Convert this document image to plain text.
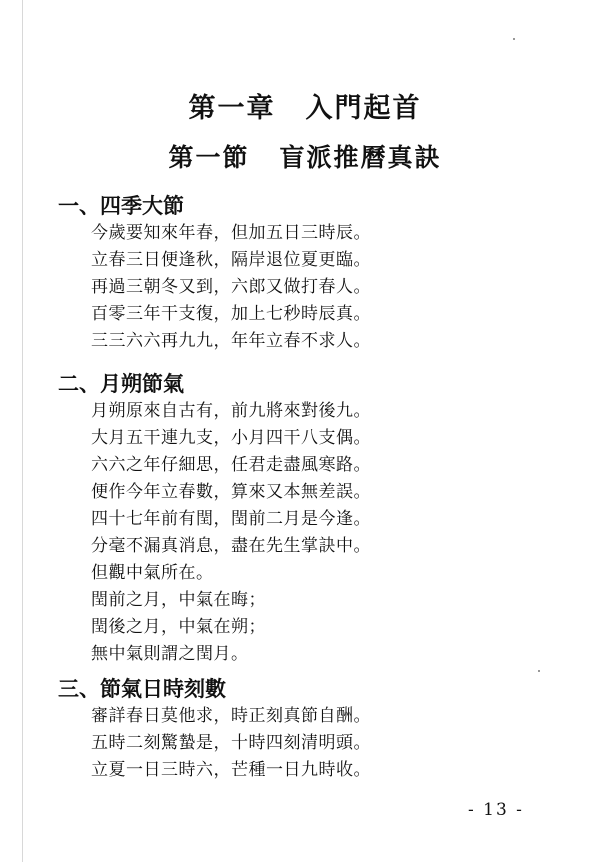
第一章 入門起首
第一節 盲派推曆真訣
一、四季大節
今歲要知來年春，但加五日三時辰。
立春三日便逢秋，隔岸退位夏更臨。
再過三朝冬又到，六郎又做打春人。
百零三年干支復，加上七秒時辰真。
三三六六再九九，年年立春不求人。
二、月朔節氣
月朔原來自古有，前九將來對後九。
大月五干連九支，小月四干八支偶。
六六之年仔細思，任君走盡風寒路。
便作今年立春數，算來又本無差誤。
四十七年前有閏，閏前二月是今逢。
分毫不漏真消息，盡在先生掌訣中。
但觀中氣所在。
閏前之月，中氣在晦；
閏後之月，中氣在朔；
無中氣則謂之閏月。
三、節氣日時刻數
審詳春日莫他求，時正刻真節自酬。
五時二刻驚蟄是，十時四刻清明頭。
立夏一日三時六，芒種一日九時收。
- 13 -
